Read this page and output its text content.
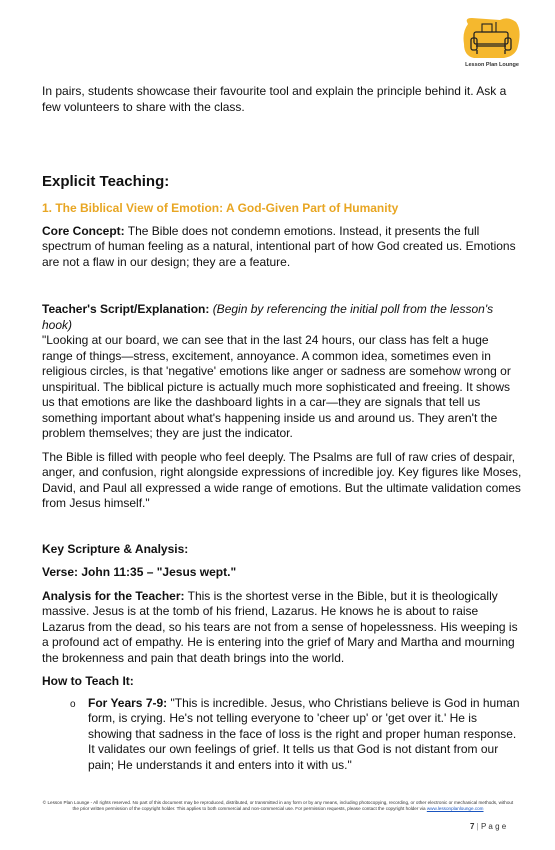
Lesson Plan Lounge

In pairs, students showcase their favourite tool and explain the principle behind it. Ask a few volunteers to share with the class.

Explicit Teaching:

1. The Biblical View of Emotion: A God-Given Part of Humanity

Core Concept: The Bible does not condemn emotions. Instead, it presents the full spectrum of human feeling as a natural, intentional part of how God created us. Emotions are not a flaw in our design; they are a feature.

Teacher's Script/Explanation: (Begin by referencing the initial poll from the lesson's hook)

"Looking at our board, we can see that in the last 24 hours, our class has felt a huge range of things—stress, excitement, annoyance. A common idea, sometimes even in religious circles, is that 'negative' emotions like anger or sadness are somehow wrong or unspiritual. The biblical picture is actually much more sophisticated and freeing. It shows us that emotions are like the dashboard lights in a car—they are signals that tell us something important about what's happening inside us and around us. They aren't the problem themselves; they are just the indicator.

The Bible is filled with people who feel deeply. The Psalms are full of raw cries of despair, anger, and confusion, right alongside expressions of incredible joy. Key figures like Moses, David, and Paul all expressed a wide range of emotions. But the ultimate validation comes from Jesus himself."

Key Scripture & Analysis:

Verse: John 11:35 – "Jesus wept."

Analysis for the Teacher: This is the shortest verse in the Bible, but it is theologically massive. Jesus is at the tomb of his friend, Lazarus. He knows he is about to raise Lazarus from the dead, so his tears are not from a sense of hopelessness. His weeping is a profound act of empathy. He is entering into the grief of Mary and Martha and mourning the brokenness and pain that death brings into the world.

How to Teach It:

o For Years 7-9: "This is incredible. Jesus, who Christians believe is God in human form, is crying. He's not telling everyone to 'cheer up' or 'get over it.' He is showing that sadness in the face of loss is the right and proper human response. It validates our own feelings of grief. It tells us that God is not distant from our pain; He understands it and enters into it with us."

© Lesson Plan Lounge - All rights reserved. No part of this document may be reproduced, distributed, or transmitted in any form or by any means, including photocopying, recording, or other electronic or mechanical methods, without the prior written permission of the copyright holder. This applies to both commercial and non-commercial use. For permission requests, please contact the copyright holder via www.lessonplanlounge.com
7 | P a g e
